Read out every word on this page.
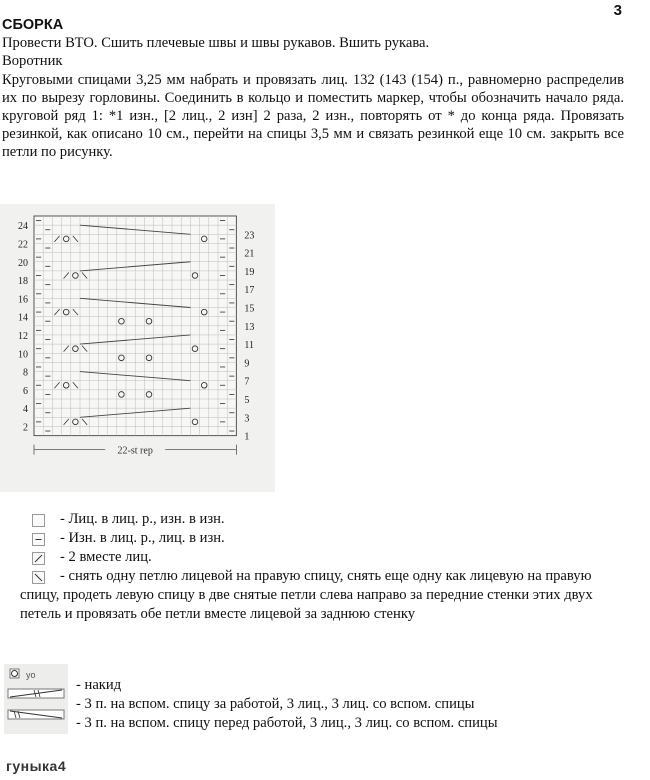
3
СБОРКА
Провести ВТО. Сшить плечевые швы и швы рукавов. Вшить рукава.
Воротник
Круговыми спицами 3,25 мм набрать и провязать лиц. 132 (143 (154) п., равномерно распределив их по вырезу горловины. Соединить в кольцо и поместить маркер, чтобы обозначить начало ряда. круговой ряд 1: *1 изн., [2 лиц., 2 изн] 2 раза, 2 изн., повторять от * до конца ряда. Провязать резинкой, как описано 10 см., перейти на спицы 3,5 мм и связать резинкой еще 10 см. закрыть все петли по рисунку.
24
22
20
18
16
14
12
10
8
6
4
2
23
21
19
17
15
13
11
9
7
5
3
1
22-st rep
- Лиц. в лиц. р., изн. в изн.
- Изн. в лиц. р., лиц. в изн.
- 2 вместе лиц.
- снять одну петлю лицевой на правую спицу, снять еще одну как лицевую на правую спицу, продеть левую спицу в две снятые петли слева направо за передние стенки этих двух петель и провязать обе петли вместе лицевой за заднюю стенку
yo
- накид
- 3 п. на вспом. спицу за работой, 3 лиц., 3 лиц. со вспом. спицы
- 3 п. на вспом. спицу перед работой, 3 лиц., 3 лиц. со вспом. спицы
гуныка4
